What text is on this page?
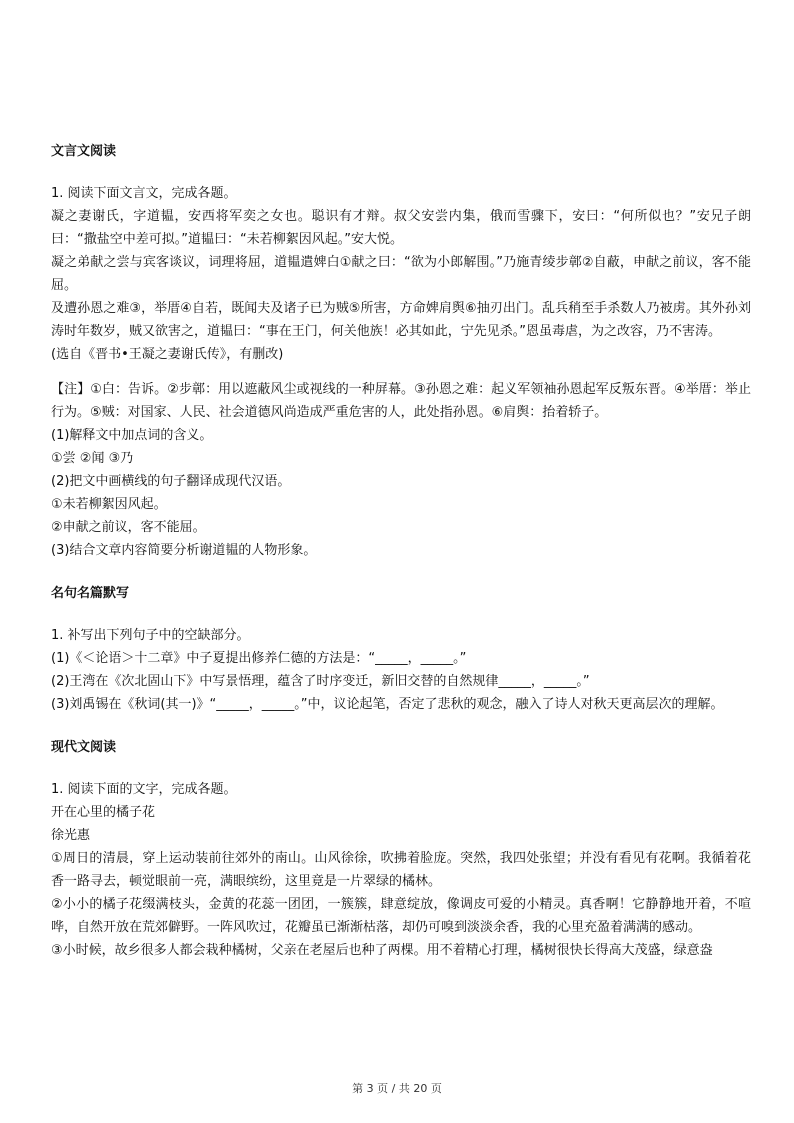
文言文阅读
1. 阅读下面文言文，完成各题。

凝之妻谢氏，字道韫，安西将军奕之女也。聪识有才辩。叔父安尝内集，俄而雪骤下，安曰：“何所似也？”安兄子朗曰：“撒盐空中差可拟。”道韫曰：“未若柳絮因风起。”安大悦。

凝之弟献之尝与宾客谈议，词理将屈，道韫遣婢白①献之曰：“欲为小郎解围。”乃施青绫步鄣②自蔽，申献之前议，客不能屈。

及遭孙恩之难③，举厝④自若，既闻夫及诸子已为贼⑤所害，方命婢肩舆⑥抽刃出门。乱兵稍至手杀数人乃被虏。其外孙刘涛时年数岁，贼又欲害之，道韫曰：“事在王门，何关他族！必其如此，宁先见杀。”恩虽毒虐，为之改容，乃不害涛。

(选自《晋书•王凝之妻谢氏传》，有删改)

【注】①白：告诉。②步鄣：用以遮蔽风尘或视线的一种屏幕。③孙恩之难：起义军领袖孙恩起军反叛东晋。④举厝：举止行为。⑤贼：对国家、人民、社会道德风尚造成严重危害的人，此处指孙恩。⑥肩舆：抬着轿子。

(1)解释文中加点词的含义。

①尝 ②闻 ③乃

(2)把文中画横线的句子翻译成现代汉语。

①未若柳絮因风起。

②申献之前议，客不能屈。

(3)结合文章内容简要分析谢道韫的人物形象。

名句名篇默写
1. 补写出下列句子中的空缺部分。

(1)《＜论语＞十二章》中子夏提出修养仁德的方法是：“_____，_____。”

(2)王湾在《次北固山下》中写景悟理，蕴含了时序变迁，新旧交替的自然规律_____，_____。”

(3)刘禹锡在《秋词(其一)》“_____，_____。”中，议论起笔，否定了悲秋的观念，融入了诗人对秋天更高层次的理解。

现代文阅读
1. 阅读下面的文字，完成各题。

开在心里的橘子花

徐光惠

①周日的清晨，穿上运动装前往郊外的南山。山风徐徐，吹拂着脸庞。突然，我四处张望；并没有看见有花啊。我循着花香一路寻去，顿觉眼前一亮，满眼缤纷，这里竟是一片翠绿的橘林。

②小小的橘子花缀满枝头，金黄的花蕊一团团，一簇簇，肆意绽放，像调皮可爱的小精灵。真香啊！它静静地开着，不喧哗，自然开放在荒郊僻野。一阵风吹过，花瓣虽已渐渐枯落，却仍可嗅到淡淡余香，我的心里充盈着满满的感动。

③小时候，故乡很多人都会栽种橘树，父亲在老屋后也种了两棵。用不着精心打理，橘树很快长得高大茂盛，绿意盎

第 3 页 / 共 20 页
